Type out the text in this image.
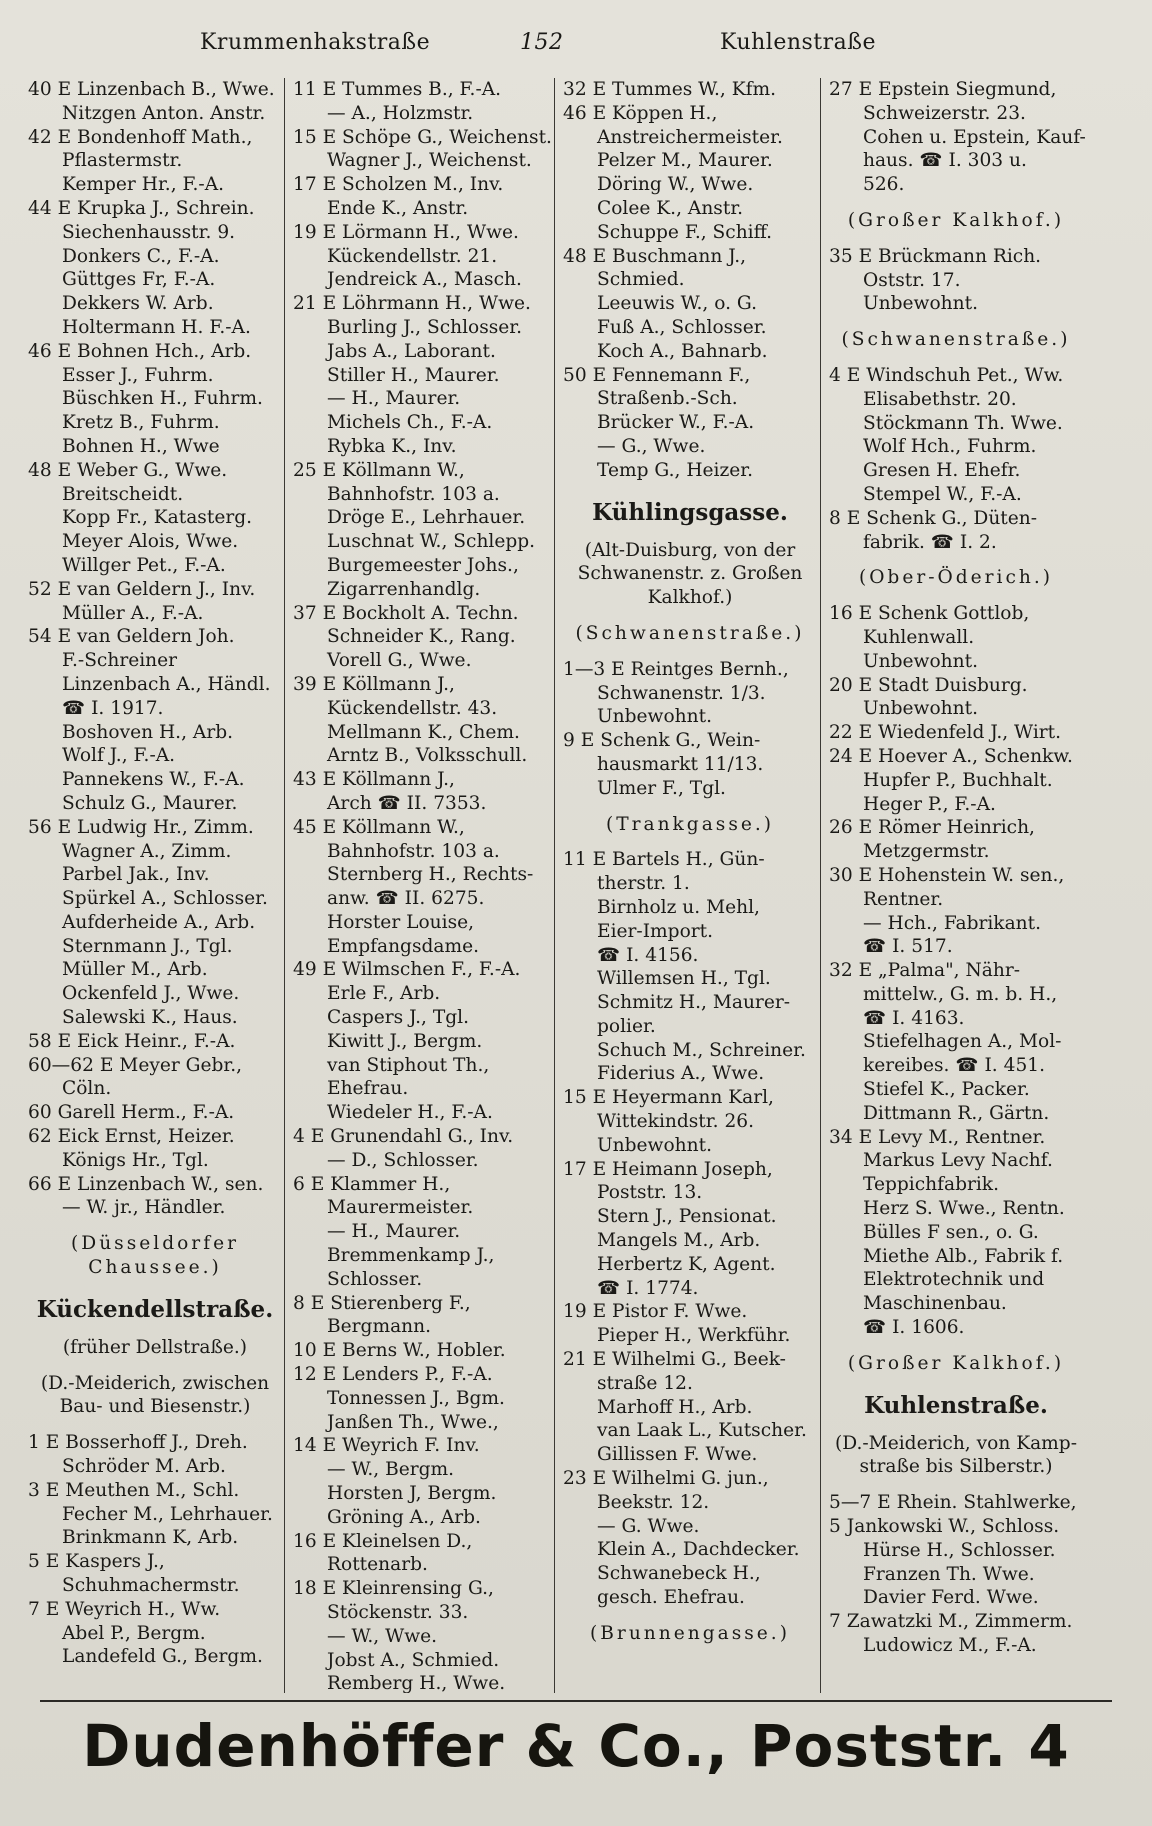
Krummenhakstraße	152	Kuhlenstraße
40 E Linzenbach B., Wwe.
Nitzgen Anton. Anstr.
42 E Bondenhoff Math.,
Pflastermstr.
Kemper Hr., F.-A.
44 E Krupka J., Schrein.
Siechenhausstr. 9.
Donkers C., F.-A.
Güttges Fr, F.-A.
Dekkers W. Arb.
Holtermann H. F.-A.
46 E Bohnen Hch., Arb.
Esser J., Fuhrm.
Büschken H., Fuhrm.
Kretz B., Fuhrm.
Bohnen H., Wwe
48 E Weber G., Wwe.
Breitscheidt.
Kopp Fr., Katasterg.
Meyer Alois, Wwe.
Willger Pet., F.-A.
52 E van Geldern J., Inv.
Müller A., F.-A.
54 E van Geldern Joh.
F.-Schreiner
Linzenbach A., Händl.
☎ I. 1917.
Boshoven H., Arb.
Wolf J., F.-A.
Pannekens W., F.-A.
Schulz G., Maurer.
56 E Ludwig Hr., Zimm.
Wagner A., Zimm.
Parbel Jak., Inv.
Spürkel A., Schlosser.
Aufderheide A., Arb.
Sternmann J., Tgl.
Müller M., Arb.
Ockenfeld J., Wwe.
Salewski K., Haus.
58 E Eick Heinr., F.-A.
60—62 E Meyer Gebr.,
Cöln.
60 Garell Herm., F.-A.
62 Eick Ernst, Heizer.
Königs Hr., Tgl.
66 E Linzenbach W., sen.
— W. jr., Händler.
(Düsseldorfer
Chaussee.)
Kückendellstraße.
(früher Dellstraße.)
(D.-Meiderich, zwischen
Bau- und Biesenstr.)
1 E Bosserhoff J., Dreh.
Schröder M. Arb.
3 E Meuthen M., Schl.
Fecher M., Lehrhauer.
Brinkmann K, Arb.
5 E Kaspers J.,
Schuhmachermstr.
7 E Weyrich H., Ww.
Abel P., Bergm.
Landefeld G., Bergm.
11 E Tummes B., F.-A.
— A., Holzmstr.
15 E Schöpe G., Weichenst.
Wagner J., Weichenst.
17 E Scholzen M., Inv.
Ende K., Anstr.
19 E Lörmann H., Wwe.
Kückendellstr. 21.
Jendreick A., Masch.
21 E Löhrmann H., Wwe.
Burling J., Schlosser.
Jabs A., Laborant.
Stiller H., Maurer.
— H., Maurer.
Michels Ch., F.-A.
Rybka K., Inv.
25 E Köllmann W.,
Bahnhofstr. 103 a.
Dröge E., Lehrhauer.
Luschnat W., Schlepp.
Burgemeester Johs.,
Zigarrenhandlg.
37 E Bockholt A. Techn.
Schneider K., Rang.
Vorell G., Wwe.
39 E Köllmann J.,
Kückendellstr. 43.
Mellmann K., Chem.
Arntz B., Volksschull.
43 E Köllmann J.,
Arch ☎ II. 7353.
45 E Köllmann W.,
Bahnhofstr. 103 a.
Sternberg H., Rechts-
anw. ☎ II. 6275.
Horster Louise,
Empfangsdame.
49 E Wilmschen F., F.-A.
Erle F., Arb.
Caspers J., Tgl.
Kiwitt J., Bergm.
van Stiphout Th.,
Ehefrau.
Wiedeler H., F.-A.
4 E Grunendahl G., Inv.
— D., Schlosser.
6 E Klammer H.,
Maurermeister.
— H., Maurer.
Bremmenkamp J.,
Schlosser.
8 E Stierenberg F.,
Bergmann.
10 E Berns W., Hobler.
12 E Lenders P., F.-A.
Tonnessen J., Bgm.
Janßen Th., Wwe.,
14 E Weyrich F. Inv.
— W., Bergm.
Horsten J, Bergm.
Gröning A., Arb.
16 E Kleinelsen D.,
Rottenarb.
18 E Kleinrensing G.,
Stöckenstr. 33.
— W., Wwe.
Jobst A., Schmied.
Remberg H., Wwe.
32 E Tummes W., Kfm.
46 E Köppen H.,
Anstreichermeister.
Pelzer M., Maurer.
Döring W., Wwe.
Colee K., Anstr.
Schuppe F., Schiff.
48 E Buschmann J.,
Schmied.
Leeuwis W., o. G.
Fuß A., Schlosser.
Koch A., Bahnarb.
50 E Fennemann F.,
Straßenb.-Sch.
Brücker W., F.-A.
— G., Wwe.
Temp G., Heizer.
Kühlingsgasse.
(Alt-Duisburg, von der
Schwanenstr. z. Großen
Kalkhof.)
(Schwanenstraße.)
1—3 E Reintges Bernh.,
Schwanenstr. 1/3.
Unbewohnt.
9 E Schenk G., Wein-
hausmarkt 11/13.
Ulmer F., Tgl.
(Trankgasse.)
11 E Bartels H., Gün-
therstr. 1.
Birnholz u. Mehl,
Eier-Import.
☎ I. 4156.
Willemsen H., Tgl.
Schmitz H., Maurer-
polier.
Schuch M., Schreiner.
Fiderius A., Wwe.
15 E Heyermann Karl,
Wittekindstr. 26.
Unbewohnt.
17 E Heimann Joseph,
Poststr. 13.
Stern J., Pensionat.
Mangels M., Arb.
Herbertz K, Agent.
☎ I. 1774.
19 E Pistor F. Wwe.
Pieper H., Werkführ.
21 E Wilhelmi G., Beek-
straße 12.
Marhoff H., Arb.
van Laak L., Kutscher.
Gillissen F. Wwe.
23 E Wilhelmi G. jun.,
Beekstr. 12.
— G. Wwe.
Klein A., Dachdecker.
Schwanebeck H.,
gesch. Ehefrau.
(Brunnengasse.)
27 E Epstein Siegmund,
Schweizerstr. 23.
Cohen u. Epstein, Kauf-
haus. ☎ I. 303 u.
526.
(Großer Kalkhof.)
35 E Brückmann Rich.
Oststr. 17.
Unbewohnt.
(Schwanenstraße.)
4 E Windschuh Pet., Ww.
Elisabethstr. 20.
Stöckmann Th. Wwe.
Wolf Hch., Fuhrm.
Gresen H. Ehefr.
Stempel W., F.-A.
8 E Schenk G., Düten-
fabrik. ☎ I. 2.
(Ober-Öderich.)
16 E Schenk Gottlob,
Kuhlenwall.
Unbewohnt.
20 E Stadt Duisburg.
Unbewohnt.
22 E Wiedenfeld J., Wirt.
24 E Hoever A., Schenkw.
Hupfer P., Buchhalt.
Heger P., F.-A.
26 E Römer Heinrich,
Metzgermstr.
30 E Hohenstein W. sen.,
Rentner.
— Hch., Fabrikant.
☎ I. 517.
32 E „Palma", Nähr-
mittelw., G. m. b. H.,
☎ I. 4163.
Stiefelhagen A., Mol-
kereibes. ☎ I. 451.
Stiefel K., Packer.
Dittmann R., Gärtn.
34 E Levy M., Rentner.
Markus Levy Nachf.
Teppichfabrik.
Herz S. Wwe., Rentn.
Bülles F sen., o. G.
Miethe Alb., Fabrik f.
Elektrotechnik und
Maschinenbau.
☎ I. 1606.
(Großer Kalkhof.)
Kuhlenstraße.
(D.-Meiderich, von Kamp-
straße bis Silberstr.)
5—7 E Rhein. Stahlwerke,
5 Jankowski W., Schloss.
Hürse H., Schlosser.
Franzen Th. Wwe.
Davier Ferd. Wwe.
7 Zawatzki M., Zimmerm.
Ludowicz M., F.-A.
Dudenhöffer & Co., Poststr. 4
